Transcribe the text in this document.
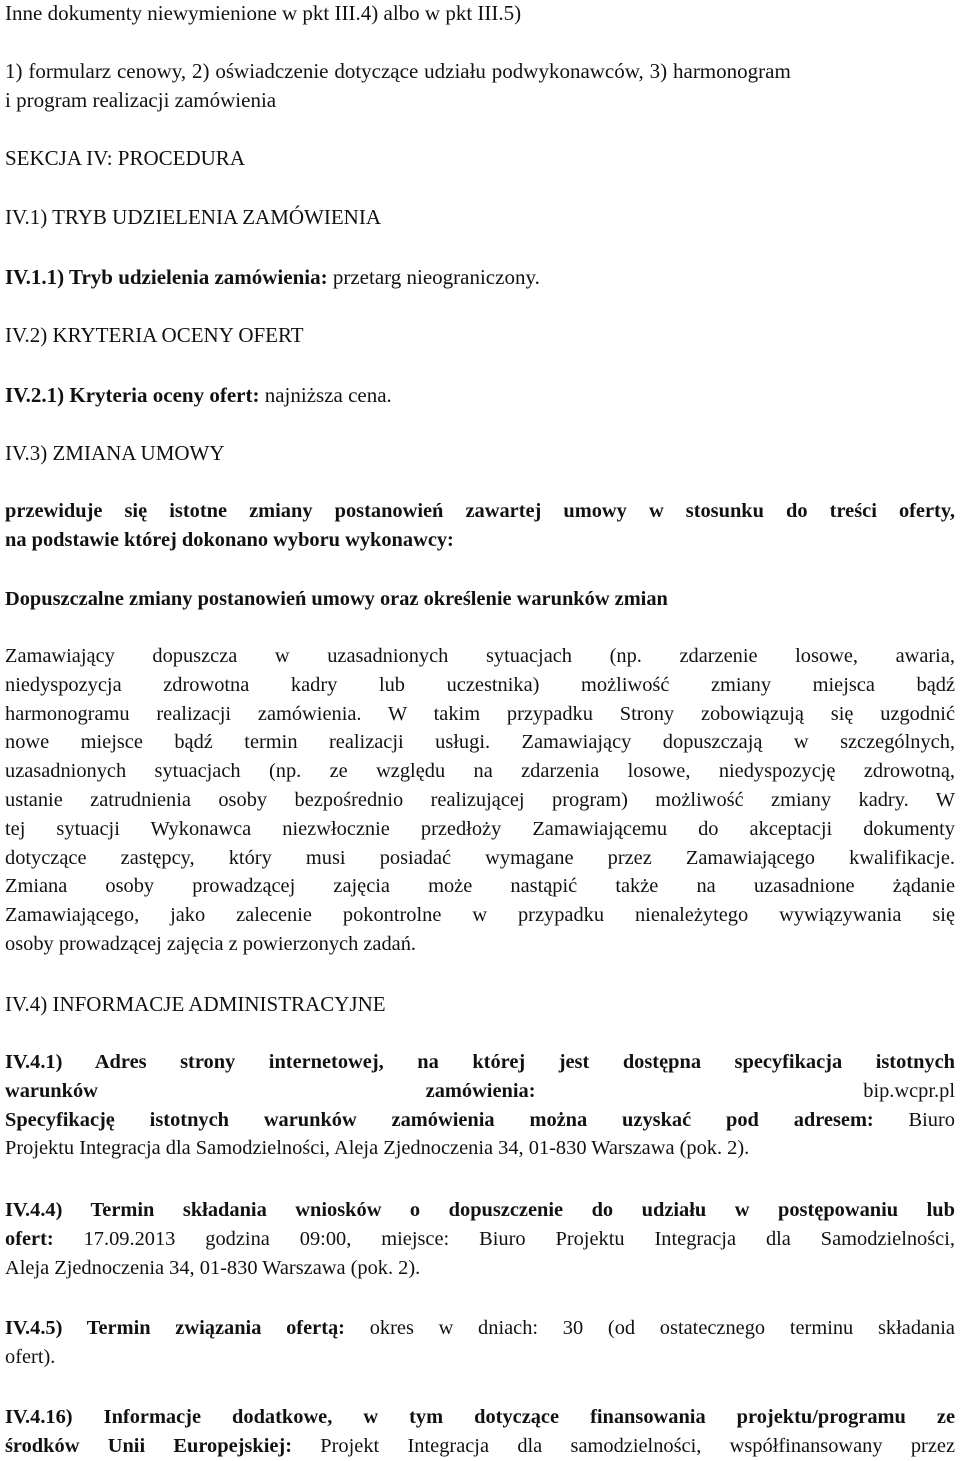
Inne dokumenty niewymienione w pkt III.4) albo w pkt III.5)
1) formularz cenowy, 2) oświadczenie dotyczące udziału podwykonawców, 3) harmonogram
i program realizacji zamówienia
SEKCJA IV: PROCEDURA
IV.1) TRYB UDZIELENIA ZAMÓWIENIA
IV.1.1) Tryb udzielenia zamówienia: przetarg nieograniczony.
IV.2) KRYTERIA OCENY OFERT
IV.2.1) Kryteria oceny ofert: najniższa cena.
IV.3) ZMIANA UMOWY
przewiduje się istotne zmiany postanowień zawartej umowy w stosunku do treści oferty,
na podstawie której dokonano wyboru wykonawcy:
Dopuszczalne zmiany postanowień umowy oraz określenie warunków zmian
Zamawiający dopuszcza w uzasadnionych sytuacjach (np. zdarzenie losowe, awaria,
niedyspozycja zdrowotna kadry lub uczestnika) możliwość zmiany miejsca bądź
harmonogramu realizacji zamówienia. W takim przypadku Strony zobowiązują się uzgodnić
nowe miejsce bądź termin realizacji usługi. Zamawiający dopuszczają w szczególnych,
uzasadnionych sytuacjach (np. ze względu na zdarzenia losowe, niedyspozycję zdrowotną,
ustanie zatrudnienia osoby bezpośrednio realizującej program) możliwość zmiany kadry. W
tej sytuacji Wykonawca niezwłocznie przedłoży Zamawiającemu do akceptacji dokumenty
dotyczące zastępcy, który musi posiadać wymagane przez Zamawiającego kwalifikacje.
Zmiana osoby prowadzącej zajęcia może nastąpić także na uzasadnione żądanie
Zamawiającego, jako zalecenie pokontrolne w przypadku nienależytego wywiązywania się
osoby prowadzącej zajęcia z powierzonych zadań.
IV.4) INFORMACJE ADMINISTRACYJNE
IV.4.1) Adres strony internetowej, na której jest dostępna specyfikacja istotnych
warunków	zamówienia:	bip.wcpr.pl
Specyfikację istotnych warunków zamówienia można uzyskać pod adresem: Biuro
Projektu Integracja dla Samodzielności, Aleja Zjednoczenia 34, 01-830 Warszawa (pok. 2).
IV.4.4) Termin składania wniosków o dopuszczenie do udziału w postępowaniu lub
ofert: 17.09.2013 godzina 09:00, miejsce: Biuro Projektu Integracja dla Samodzielności,
Aleja Zjednoczenia 34, 01-830 Warszawa (pok. 2).
IV.4.5) Termin związania ofertą: okres w dniach: 30 (od ostatecznego terminu składania
ofert).
IV.4.16) Informacje dodatkowe, w tym dotyczące finansowania projektu/programu ze
środków Unii Europejskiej: Projekt Integracja dla samodzielności, współfinansowany przez
